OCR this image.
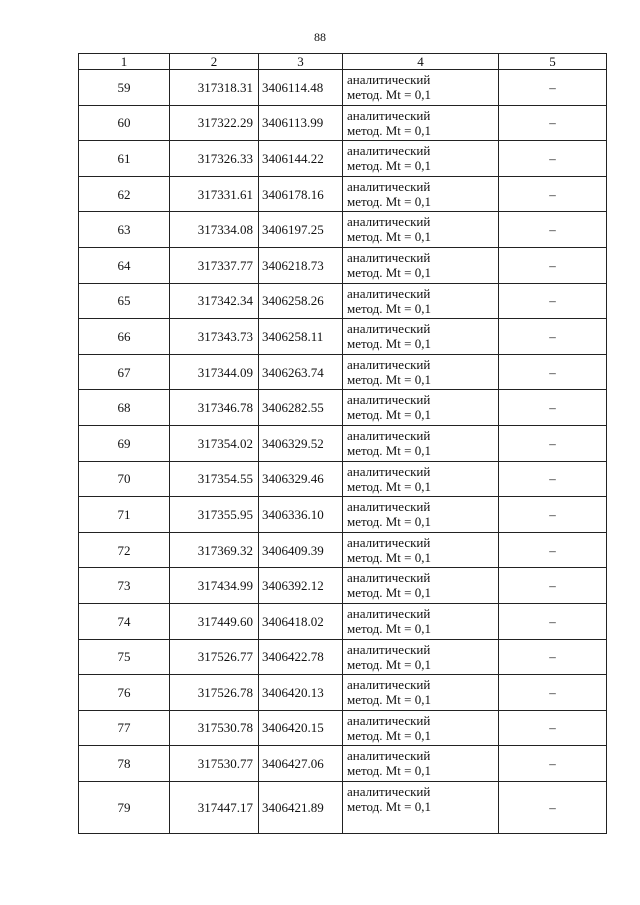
88
1	2	3	4	5
59	317318.31	3406114.48	аналитический
метод. Mt = 0,1	–
60	317322.29	3406113.99	аналитический
метод. Mt = 0,1	–
61	317326.33	3406144.22	аналитический
метод. Mt = 0,1	–
62	317331.61	3406178.16	аналитический
метод. Mt = 0,1	–
63	317334.08	3406197.25	аналитический
метод. Mt = 0,1	–
64	317337.77	3406218.73	аналитический
метод. Mt = 0,1	–
65	317342.34	3406258.26	аналитический
метод. Mt = 0,1	–
66	317343.73	3406258.11	аналитический
метод. Mt = 0,1	–
67	317344.09	3406263.74	аналитический
метод. Mt = 0,1	–
68	317346.78	3406282.55	аналитический
метод. Mt = 0,1	–
69	317354.02	3406329.52	аналитический
метод. Mt = 0,1	–
70	317354.55	3406329.46	аналитический
метод. Mt = 0,1	–
71	317355.95	3406336.10	аналитический
метод. Mt = 0,1	–
72	317369.32	3406409.39	аналитический
метод. Mt = 0,1	–
73	317434.99	3406392.12	аналитический
метод. Mt = 0,1	–
74	317449.60	3406418.02	аналитический
метод. Mt = 0,1	–
75	317526.77	3406422.78	аналитический
метод. Mt = 0,1	–
76	317526.78	3406420.13	аналитический
метод. Mt = 0,1	–
77	317530.78	3406420.15	аналитический
метод. Mt = 0,1	–
78	317530.77	3406427.06	аналитический
метод. Mt = 0,1	–
79	317447.17	3406421.89	аналитический
метод. Mt = 0,1	–
